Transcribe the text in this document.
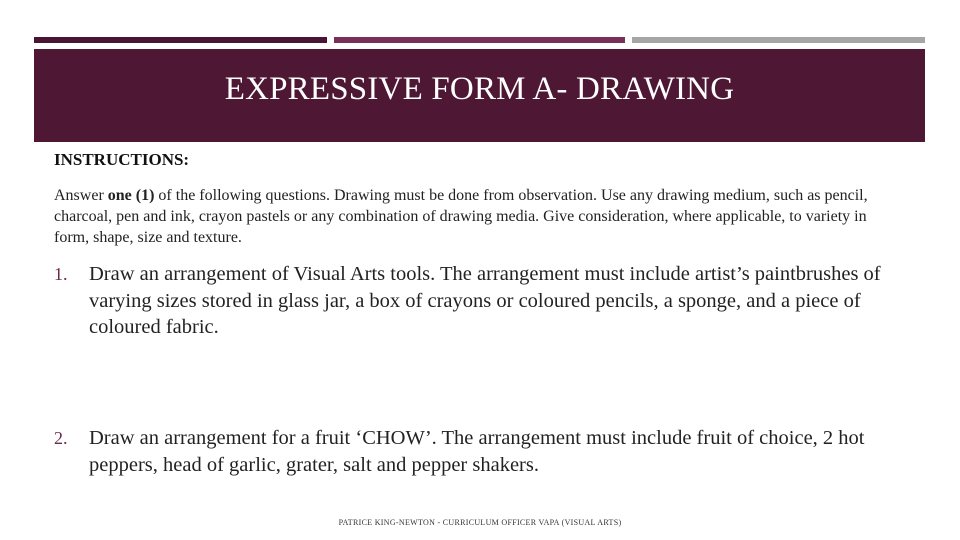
EXPRESSIVE FORM A- DRAWING
INSTRUCTIONS:
Answer one (1) of the following questions. Drawing must be done from observation. Use any drawing medium, such as pencil, charcoal, pen and ink, crayon pastels or any combination of drawing media. Give consideration, where applicable, to variety in form, shape, size and texture.
1.	Draw an arrangement of Visual Arts tools. The arrangement must include artist’s paintbrushes of varying sizes stored in glass jar, a box of crayons or coloured pencils, a sponge, and a piece of coloured fabric.
2.	Draw an arrangement for a fruit ‘CHOW’. The arrangement must include fruit of choice, 2 hot peppers, head of garlic, grater, salt and pepper shakers.
PATRICE KING-NEWTON - CURRICULUM OFFICER VAPA (VISUAL ARTS)
